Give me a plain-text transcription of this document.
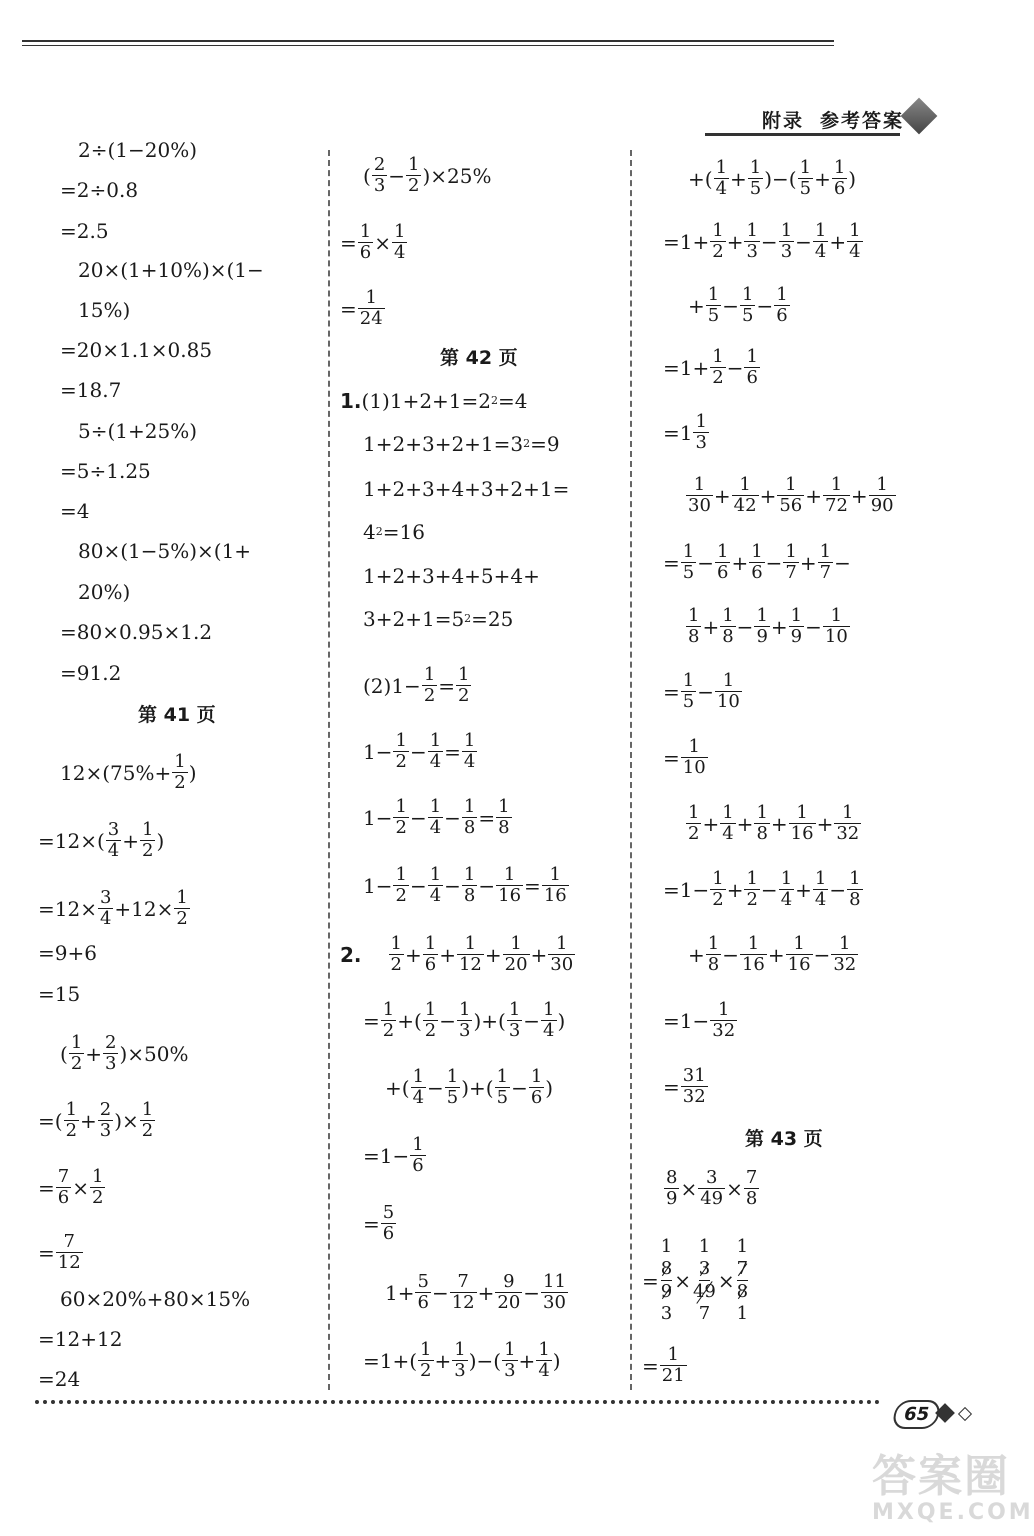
附录 参考答案
2÷(1−20%)
=2÷0.8
=2.5
20×(1+10%)×(1−
15%)
=20×1.1×0.85
=18.7
5÷(1+25%)
=5÷1.25
=4
80×(1−5%)×(1+
20%)
=80×0.95×1.2
=91.2
第 41 页
$12\times(75\%+ \frac{1}{2}$ )
$=12\times( \frac{3}{4} + \frac{1}{2}$ )
$=12\times \frac{3}{4} +12\times \frac{1}{2}$
=9+6
=15
( $\frac{1}{2} + \frac{2}{3} )\times 50\%$
=( $\frac{1}{2} + \frac{2}{3}$ )× $\frac{1}{2}$
= $\frac{7}{6} \times \frac{1}{2}$
= $\frac{7}{12}$
60×20%+80×15%
=12+12
=24
( $\frac{2}{3} - \frac{1}{2} )\times 25\%$
= $\frac{1}{6} \times \frac{1}{4}$
= $\frac{1}{24}$
第 42 页
1. (1)1+2+1=2 2 =4
1+2+3+2+1=3 2 =9
1+2+3+4+3+2+1=
4 2 =16
1+2+3+4+5+4+
3+2+1=5 2 =25
$(2)1- \frac{1}{2} = \frac{1}{2}$
$1- \frac{1}{2} - \frac{1}{4} = \frac{1}{4}$
$1- \frac{1}{2} - \frac{1}{4} - \frac{1}{8} = \frac{1}{8}$
$1- \frac{1}{2} - \frac{1}{4} - \frac{1}{8} - \frac{1}{16} = \frac{1}{16}$
2. $\frac{1}{2} + \frac{1}{6} + \frac{1}{12} + \frac{1}{20} + \frac{1}{30}$
= $\frac{1}{2}$ +( $\frac{1}{2} - \frac{1}{3}$ )+( $\frac{1}{3} - \frac{1}{4}$ )
+( $\frac{1}{4} - \frac{1}{5}$ )+( $\frac{1}{5} - \frac{1}{6}$ )
$=1- \frac{1}{6}$
= $\frac{5}{6}$
$1+ \frac{5}{6} - \frac{7}{12} + \frac{9}{20} - \frac{11}{30}$
$=1+( \frac{1}{2} + \frac{1}{3}$ )−( $\frac{1}{3} + \frac{1}{4}$ )
+( $\frac{1}{4} + \frac{1}{5}$ )−( $\frac{1}{5} + \frac{1}{6}$ )
$=1+ \frac{1}{2} + \frac{1}{3} - \frac{1}{3} - \frac{1}{4} + \frac{1}{4}$
+ $\frac{1}{5} - \frac{1}{5} - \frac{1}{6}$
$=1+ \frac{1}{2} - \frac{1}{6}$
$=1 \frac{1}{3}$
$\frac{1}{30} + \frac{1}{42} + \frac{1}{56} + \frac{1}{72} + \frac{1}{90}$
= $\frac{1}{5} - \frac{1}{6} + \frac{1}{6} - \frac{1}{7} + \frac{1}{7}$ −
$\frac{1}{8} + \frac{1}{8} - \frac{1}{9} + \frac{1}{9} - \frac{1}{10}$
= $\frac{1}{5} - \frac{1}{10}$
= $\frac{1}{10}$
$\frac{1}{2} + \frac{1}{4} + \frac{1}{8} + \frac{1}{16} + \frac{1}{32}$
$=1- \frac{1}{2} + \frac{1}{2} - \frac{1}{4} + \frac{1}{4} - \frac{1}{8}$
+ $\frac{1}{8} - \frac{1}{16} + \frac{1}{16} - \frac{1}{32}$
$=1- \frac{1}{32}$
= $\frac{31}{32}$
第 43 页
$\frac{8}{9} \times \frac{3}{49} \times \frac{7}{8}$
=
1
8
9
3
×
1
3
49
7
×
1
7
8
1
= $\frac{1}{21}$
65
答案圈
MXQE.COM
